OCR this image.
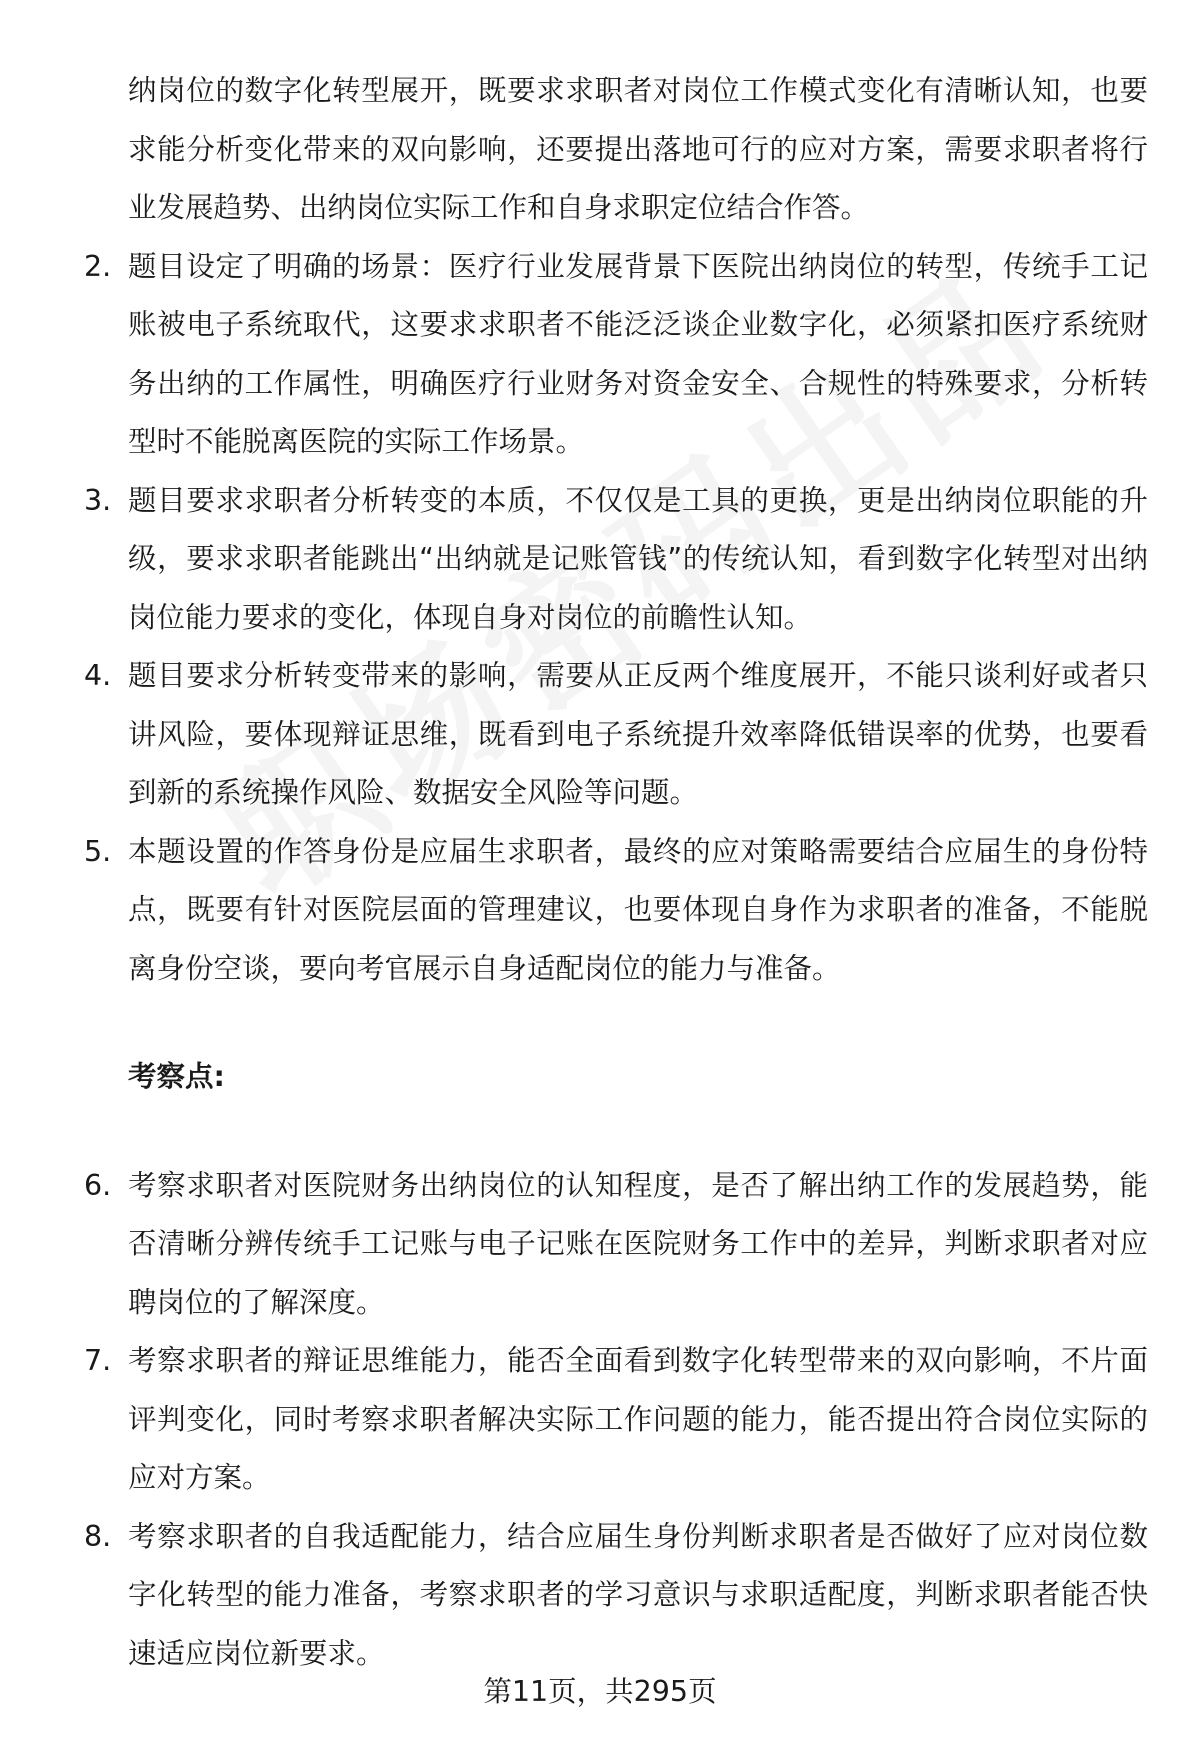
纳岗位的数字化转型展开，既要求求职者对岗位工作模式变化有清晰认知，也要求能分析变化带来的双向影响，还要提出落地可行的应对方案，需要求职者将行业发展趋势、出纳岗位实际工作和自身求职定位结合作答。
2. 题目设定了明确的场景：医疗行业发展背景下医院出纳岗位的转型，传统手工记账被电子系统取代，这要求求职者不能泛泛谈企业数字化，必须紧扣医疗系统财务出纳的工作属性，明确医疗行业财务对资金安全、合规性的特殊要求，分析转型时不能脱离医院的实际工作场景。
3. 题目要求求职者分析转变的本质，不仅仅是工具的更换，更是出纳岗位职能的升级，要求求职者能跳出“出纳就是记账管钱”的传统认知，看到数字化转型对出纳岗位能力要求的变化，体现自身对岗位的前瞻性认知。
4. 题目要求分析转变带来的影响，需要从正反两个维度展开，不能只谈利好或者只讲风险，要体现辩证思维，既看到电子系统提升效率降低错误率的优势，也要看到新的系统操作风险、数据安全风险等问题。
5. 本题设置的作答身份是应届生求职者，最终的应对策略需要结合应届生的身份特点，既要有针对医院层面的管理建议，也要体现自身作为求职者的准备，不能脱离身份空谈，要向考官展示自身适配岗位的能力与准备。
考察点:
6. 考察求职者对医院财务出纳岗位的认知程度，是否了解出纳工作的发展趋势，能否清晰分辨传统手工记账与电子记账在医院财务工作中的差异，判断求职者对应聘岗位的了解深度。
7. 考察求职者的辩证思维能力，能否全面看到数字化转型带来的双向影响，不片面评判变化，同时考察求职者解决实际工作问题的能力，能否提出符合岗位实际的应对方案。
8. 考察求职者的自我适配能力，结合应届生身份判断求职者是否做好了应对岗位数字化转型的能力准备，考察求职者的学习意识与求职适配度，判断求职者能否快速适应岗位新要求。
第11页，共295页
